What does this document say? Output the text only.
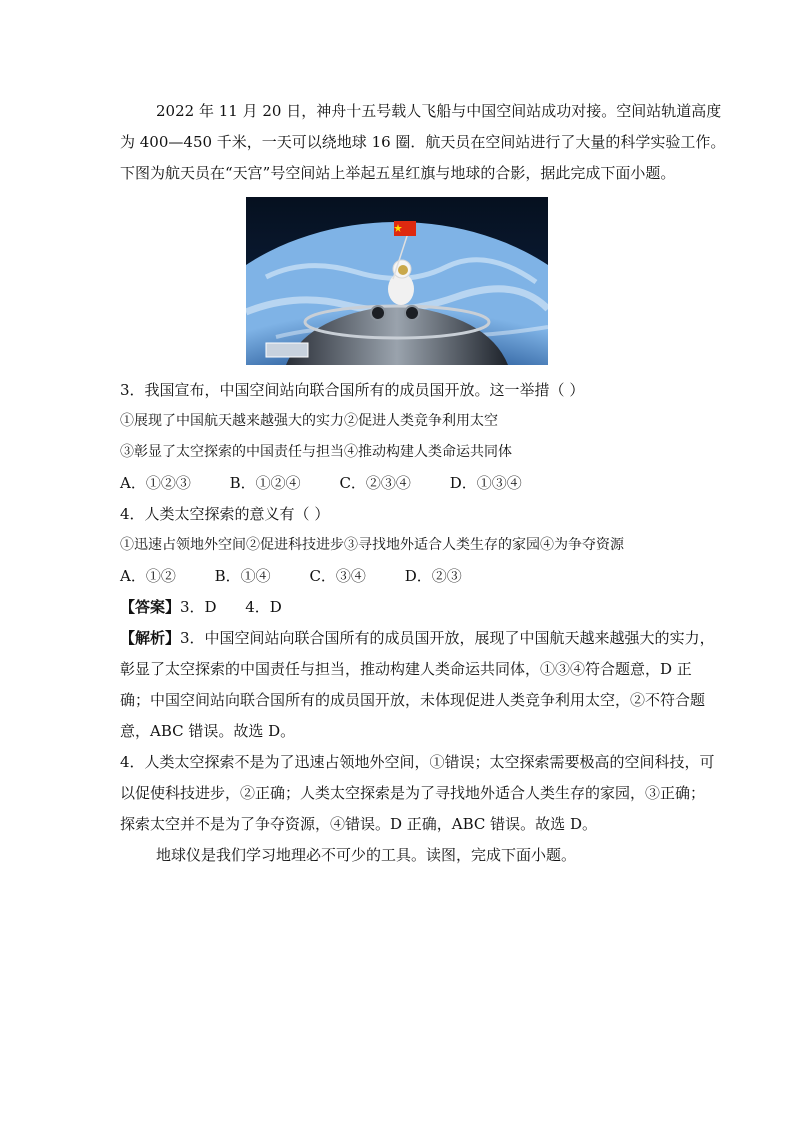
2022 年 11 月 20 日，神舟十五号载人飞船与中国空间站成功对接。空间站轨道高度
为 400—450 千米，一天可以绕地球 16 圈．航天员在空间站进行了大量的科学实验工作。
下图为航天员在“天宫”号空间站上举起五星红旗与地球的合影，据此完成下面小题。
3．我国宣布，中国空间站向联合国所有的成员国开放。这一举措（ ）
①展现了中国航天越来越强大的实力②促进人类竞争利用太空
③彰显了太空探索的中国责任与担当④推动构建人类命运共同体
A．①②③	B．①②④	C．②③④	D．①③④
4．人类太空探索的意义有（ ）
①迅速占领地外空间②促进科技进步③寻找地外适合人类生存的家园④为争夺资源
A．①②	B．①④	C．③④	D．②③
【答案】3．D      4．D
【解析】3．中国空间站向联合国所有的成员国开放，展现了中国航天越来越强大的实力，
彰显了太空探索的中国责任与担当，推动构建人类命运共同体，①③④符合题意，D 正
确；中国空间站向联合国所有的成员国开放，未体现促进人类竞争利用太空，②不符合题
意，ABC 错误。故选 D。
4．人类太空探索不是为了迅速占领地外空间，①错误；太空探索需要极高的空间科技，可
以促使科技进步，②正确；人类太空探索是为了寻找地外适合人类生存的家园，③正确；
探索太空并不是为了争夺资源，④错误。D 正确，ABC 错误。故选 D。
地球仪是我们学习地理必不可少的工具。读图，完成下面小题。
